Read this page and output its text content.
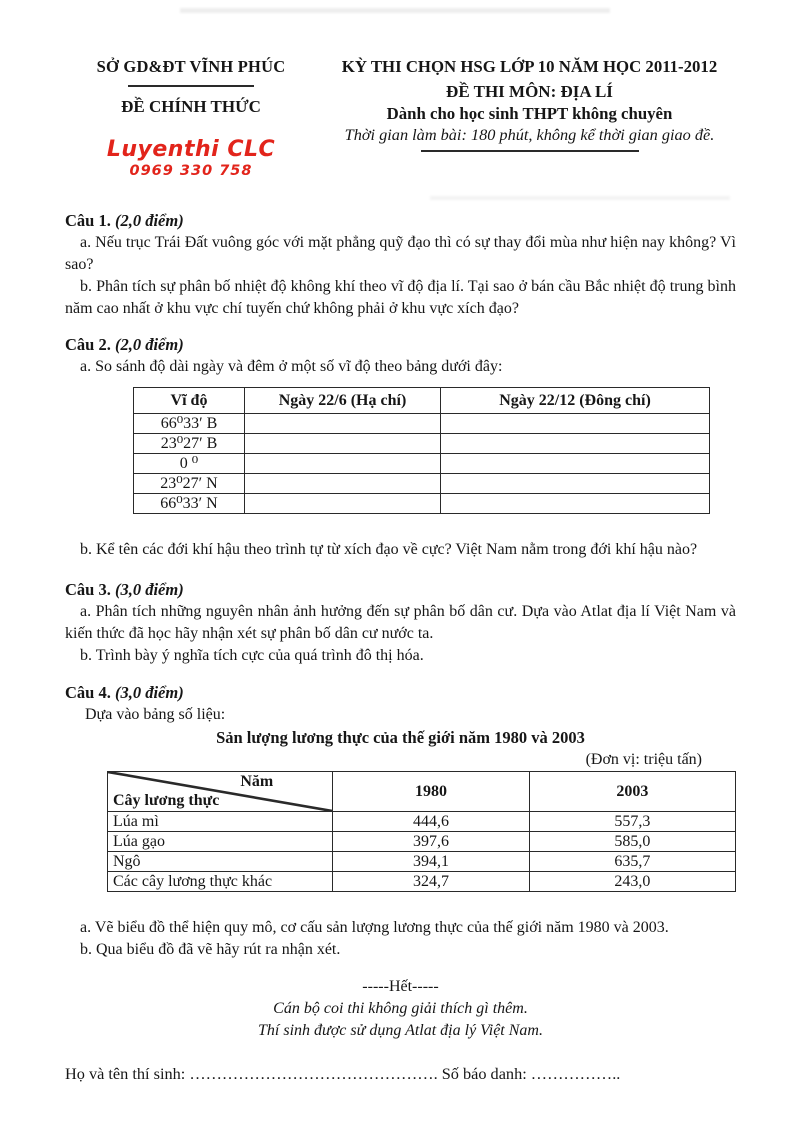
SỞ GD&ĐT VĨNH PHÚC
ĐỀ CHÍNH THỨC
Luyenthi CLC
0969 330 758
KỲ THI CHỌN HSG LỚP 10 NĂM HỌC 2011-2012
ĐỀ THI MÔN: ĐỊA LÍ
Dành cho học sinh THPT không chuyên
Thời gian làm bài: 180 phút, không kể thời gian giao đề.

Câu 1. (2,0 điểm)

a. Nếu trục Trái Đất vuông góc với mặt phẳng quỹ đạo thì có sự thay đổi mùa như hiện nay không? Vì sao?

b. Phân tích sự phân bố nhiệt độ không khí theo vĩ độ địa lí. Tại sao ở bán cầu Bắc nhiệt độ trung bình năm cao nhất ở khu vực chí tuyến chứ không phải ở khu vực xích đạo?

Câu 2. (2,0 điểm)

a. So sánh độ dài ngày và đêm ở một số vĩ độ theo bảng dưới đây:

Vĩ độ	Ngày 22/6 (Hạ chí)	Ngày 22/12 (Đông chí)
66⁰33′ B		
23⁰27′ B		
0 ⁰		
23⁰27′ N		
66⁰33′ N		

b. Kể tên các đới khí hậu theo trình tự từ xích đạo về cực? Việt Nam nằm trong đới khí hậu nào?

Câu 3. (3,0 điểm)

a. Phân tích những nguyên nhân ảnh hưởng đến sự phân bố dân cư. Dựa vào Atlat địa lí Việt Nam và kiến thức đã học hãy nhận xét sự phân bố dân cư nước ta.

b. Trình bày ý nghĩa tích cực của quá trình đô thị hóa.

Câu 4. (3,0 điểm)

Dựa vào bảng số liệu:

Sản lượng lương thực của thế giới năm 1980 và 2003

(Đơn vị: triệu tấn)

Năm
Cây lương thực	1980	2003
Lúa mì	444,6	557,3
Lúa gạo	397,6	585,0
Ngô	394,1	635,7
Các cây lương thực khác	324,7	243,0

a. Vẽ biểu đồ thể hiện quy mô, cơ cấu sản lượng lương thực của thế giới năm 1980 và 2003.

b. Qua biểu đồ đã vẽ hãy rút ra nhận xét.

-----Hết-----

Cán bộ coi thi không giải thích gì thêm.

Thí sinh được sử dụng Atlat địa lý Việt Nam.

Họ và tên thí sinh: ………………………………………. Số báo danh: ……………..
